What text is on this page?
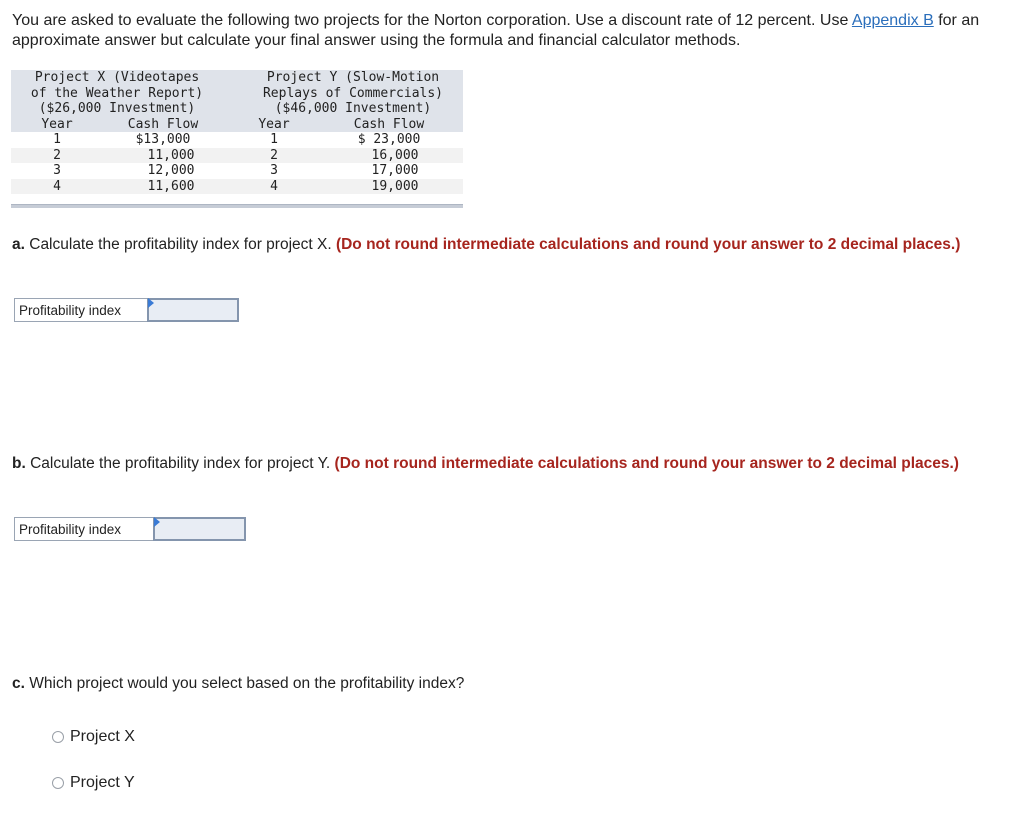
You are asked to evaluate the following two projects for the Norton corporation. Use a discount rate of 12 percent. Use Appendix B for an approximate answer but calculate your final answer using the formula and financial calculator methods.
Project X (Videotapes
of the Weather Report)
($26,000 Investment)
Project Y (Slow-Motion
Replays of Commercials)
($46,000 Investment)
Year	Cash Flow	Year	Cash Flow
1	$13,000	1	$ 23,000
2	11,000	2	16,000
3	12,000	3	17,000
4	11,600	4	19,000
a. Calculate the profitability index for project X. (Do not round intermediate calculations and round your answer to 2 decimal places.)
Profitability index
b. Calculate the profitability index for project Y. (Do not round intermediate calculations and round your answer to 2 decimal places.)
Profitability index
c. Which project would you select based on the profitability index?
Project X
Project Y
